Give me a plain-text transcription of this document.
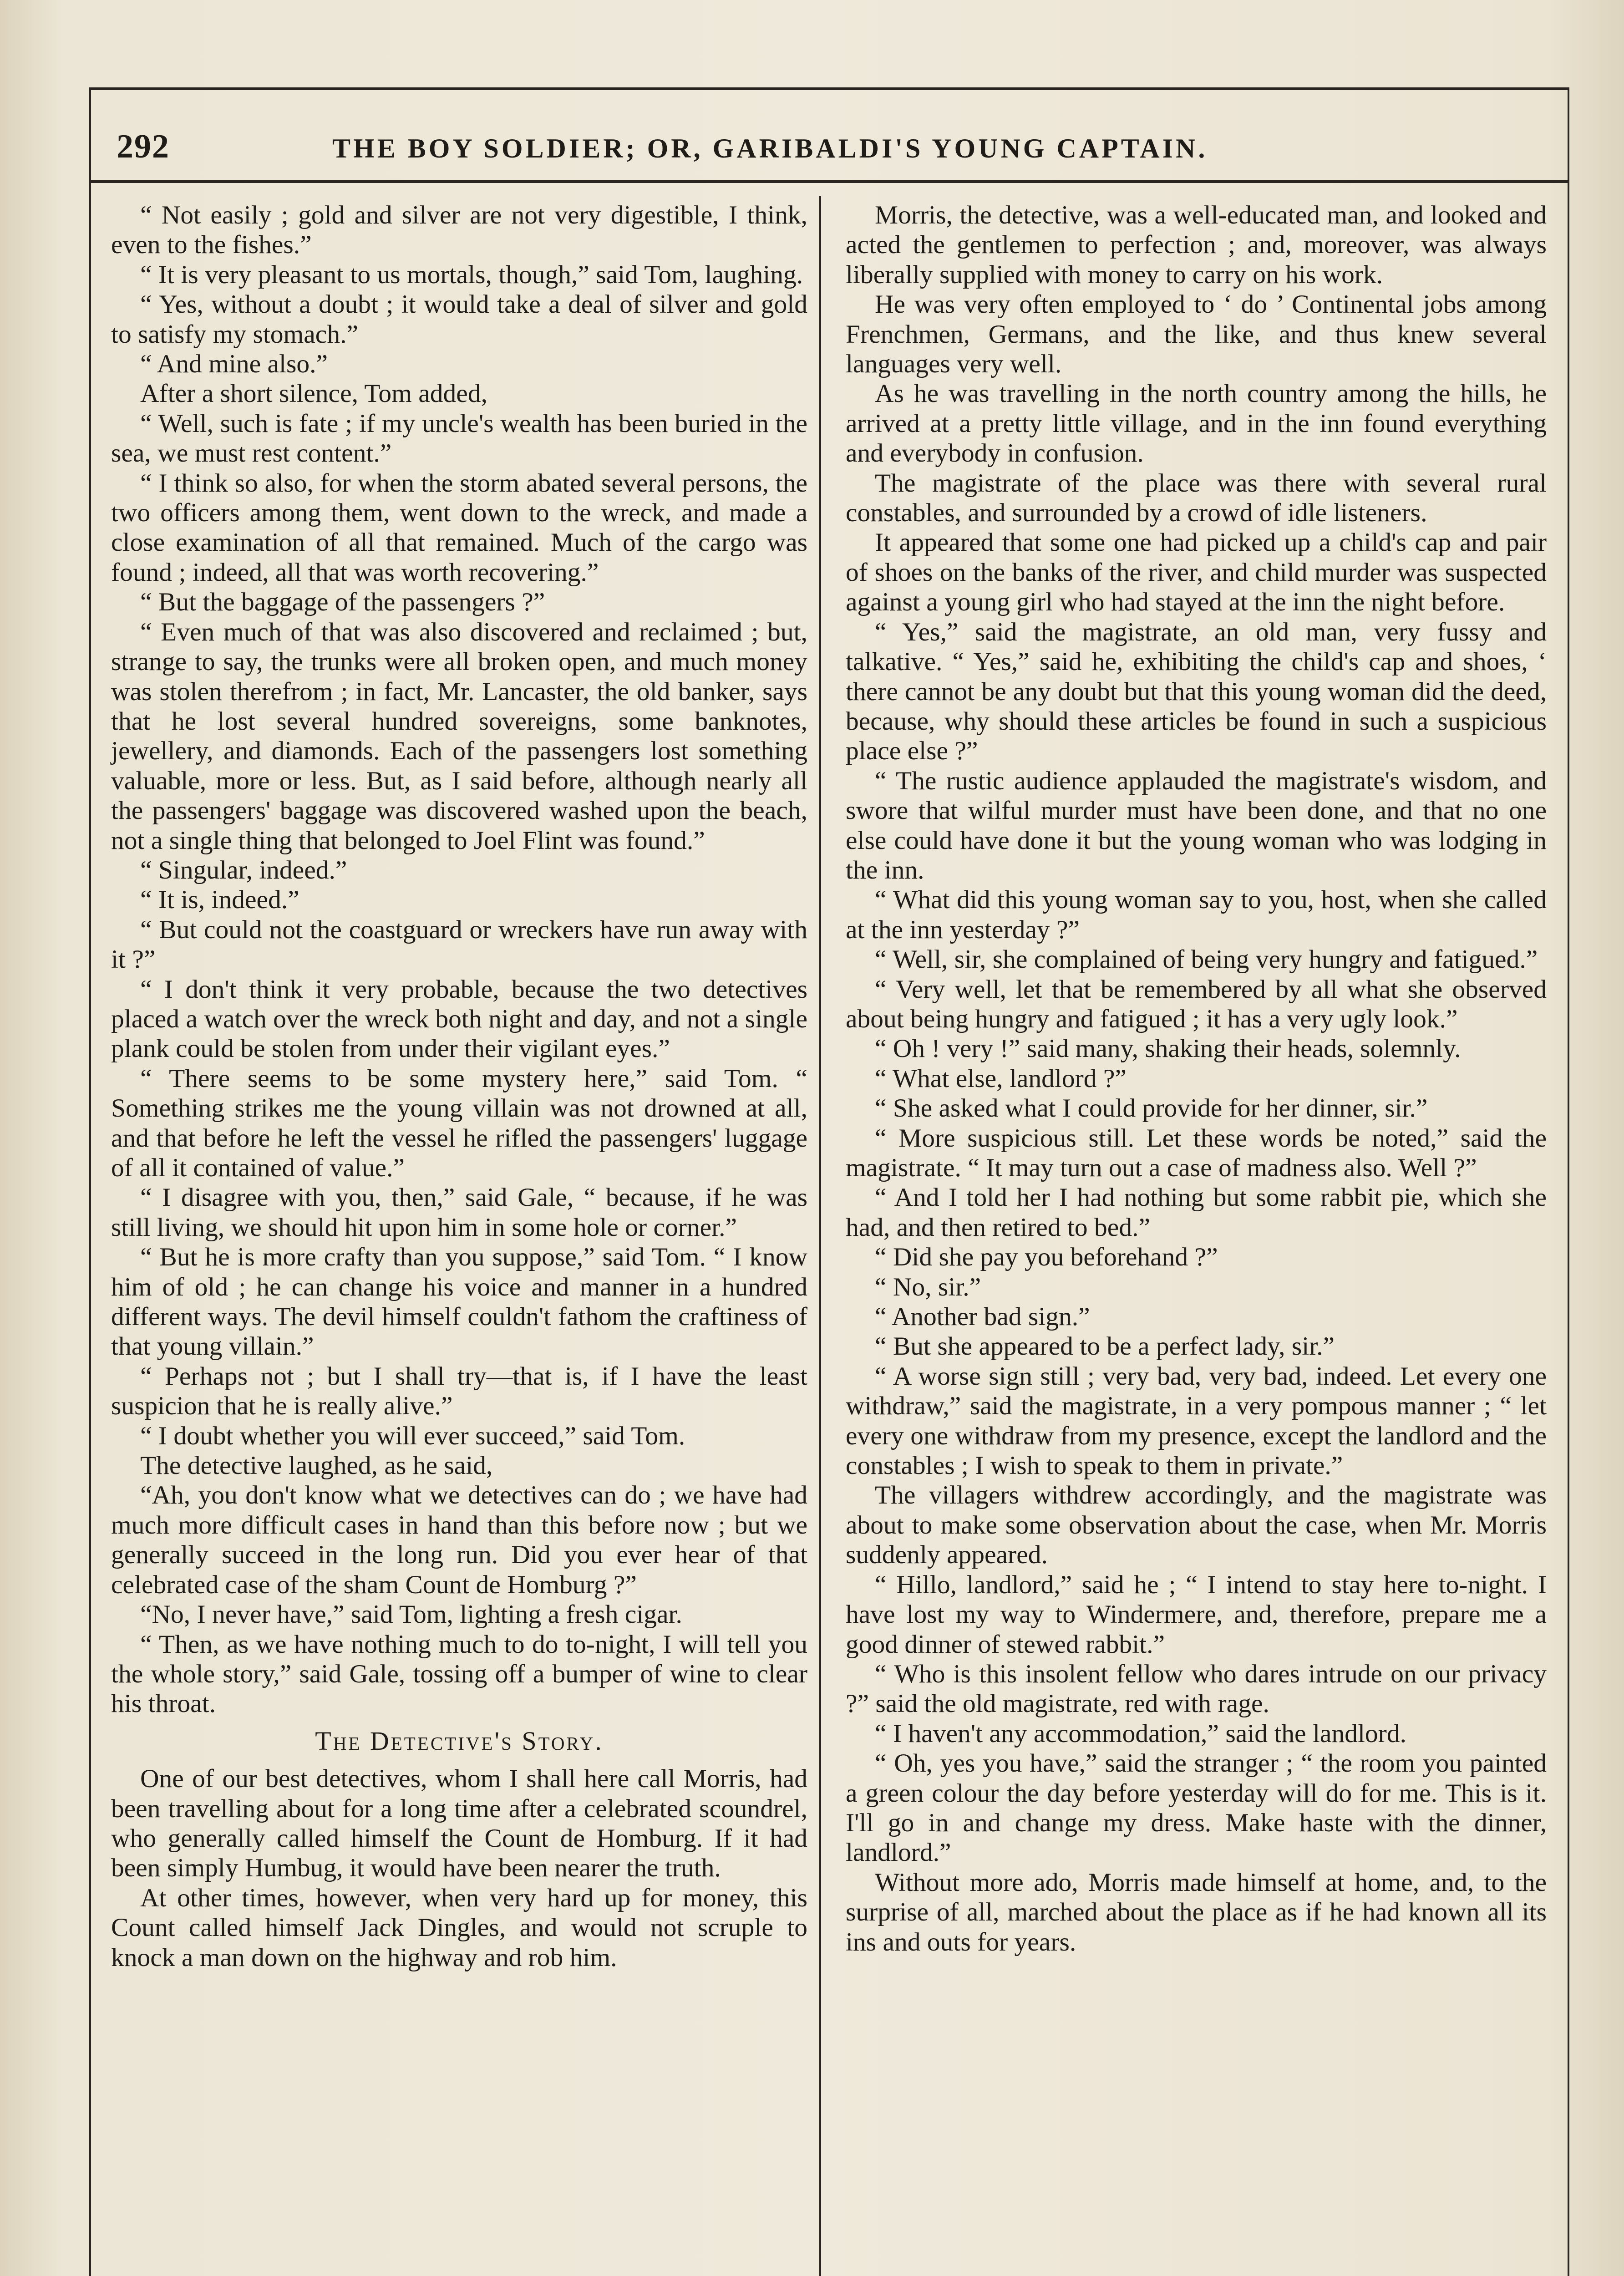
292	THE BOY SOLDIER; OR, GARIBALDI'S YOUNG CAPTAIN.

“ Not easily ; gold and silver are not very digestible, I think, even to the fishes.”

“ It is very pleasant to us mortals, though,” said Tom, laughing.

“ Yes, without a doubt ; it would take a deal of silver and gold to satisfy my stomach.”

“ And mine also.”

After a short silence, Tom added,

“ Well, such is fate ; if my uncle's wealth has been buried in the sea, we must rest content.”

“ I think so also, for when the storm abated several persons, the two officers among them, went down to the wreck, and made a close examination of all that remained. Much of the cargo was found ; indeed, all that was worth recovering.”

“ But the baggage of the passengers ?”

“ Even much of that was also discovered and reclaimed ; but, strange to say, the trunks were all broken open, and much money was stolen therefrom ; in fact, Mr. Lancaster, the old banker, says that he lost several hundred sovereigns, some banknotes, jewellery, and diamonds. Each of the passengers lost something valuable, more or less. But, as I said before, although nearly all the passengers' baggage was discovered washed upon the beach, not a single thing that belonged to Joel Flint was found.”

“ Singular, indeed.”

“ It is, indeed.”

“ But could not the coastguard or wreckers have run away with it ?”

“ I don't think it very probable, because the two detectives placed a watch over the wreck both night and day, and not a single plank could be stolen from under their vigilant eyes.”

“ There seems to be some mystery here,” said Tom. “ Something strikes me the young villain was not drowned at all, and that before he left the vessel he rifled the passengers' luggage of all it contained of value.”

“ I disagree with you, then,” said Gale, “ because, if he was still living, we should hit upon him in some hole or corner.”

“ But he is more crafty than you suppose,” said Tom. “ I know him of old ; he can change his voice and manner in a hundred different ways. The devil himself couldn't fathom the craftiness of that young villain.”

“ Perhaps not ; but I shall try—that is, if I have the least suspicion that he is really alive.”

“ I doubt whether you will ever succeed,” said Tom.

The detective laughed, as he said,

“Ah, you don't know what we detectives can do ; we have had much more difficult cases in hand than this before now ; but we generally succeed in the long run. Did you ever hear of that celebrated case of the sham Count de Homburg ?”

“No, I never have,” said Tom, lighting a fresh cigar.

“ Then, as we have nothing much to do to-night, I will tell you the whole story,” said Gale, tossing off a bumper of wine to clear his throat.

The Detective's Story.

One of our best detectives, whom I shall here call Morris, had been travelling about for a long time after a celebrated scoundrel, who generally called himself the Count de Homburg. If it had been simply Humbug, it would have been nearer the truth.

At other times, however, when very hard up for money, this Count called himself Jack Dingles, and would not scruple to knock a man down on the highway and rob him.

Morris, the detective, was a well-educated man, and looked and acted the gentlemen to perfection ; and, moreover, was always liberally supplied with money to carry on his work.

He was very often employed to ‘ do ’ Continental jobs among Frenchmen, Germans, and the like, and thus knew several languages very well.

As he was travelling in the north country among the hills, he arrived at a pretty little village, and in the inn found everything and everybody in confusion.

The magistrate of the place was there with several rural constables, and surrounded by a crowd of idle listeners.

It appeared that some one had picked up a child's cap and pair of shoes on the banks of the river, and child murder was suspected against a young girl who had stayed at the inn the night before.

“ Yes,” said the magistrate, an old man, very fussy and talkative. “ Yes,” said he, exhibiting the child's cap and shoes, ‘ there cannot be any doubt but that this young woman did the deed, because, why should these articles be found in such a suspicious place else ?”

“ The rustic audience applauded the magistrate's wisdom, and swore that wilful murder must have been done, and that no one else could have done it but the young woman who was lodging in the inn.

“ What did this young woman say to you, host, when she called at the inn yesterday ?”

“ Well, sir, she complained of being very hungry and fatigued.”

“ Very well, let that be remembered by all what she observed about being hungry and fatigued ; it has a very ugly look.”

“ Oh ! very !” said many, shaking their heads, solemnly.

“ What else, landlord ?”

“ She asked what I could provide for her dinner, sir.”

“ More suspicious still. Let these words be noted,” said the magistrate. “ It may turn out a case of madness also. Well ?”

“ And I told her I had nothing but some rabbit pie, which she had, and then retired to bed.”

“ Did she pay you beforehand ?”

“ No, sir.”

“ Another bad sign.”

“ But she appeared to be a perfect lady, sir.”

“ A worse sign still ; very bad, very bad, indeed. Let every one withdraw,” said the magistrate, in a very pompous manner ; “ let every one withdraw from my presence, except the landlord and the constables ; I wish to speak to them in private.”

The villagers withdrew accordingly, and the magistrate was about to make some observation about the case, when Mr. Morris suddenly appeared.

“ Hillo, landlord,” said he ; “ I intend to stay here to-night. I have lost my way to Windermere, and, therefore, prepare me a good dinner of stewed rabbit.”

“ Who is this insolent fellow who dares intrude on our privacy ?” said the old magistrate, red with rage.

“ I haven't any accommodation,” said the landlord.

“ Oh, yes you have,” said the stranger ; “ the room you painted a green colour the day before yesterday will do for me. This is it. I'll go in and change my dress. Make haste with the dinner, landlord.”

Without more ado, Morris made himself at home, and, to the surprise of all, marched about the place as if he had known all its ins and outs for years.
